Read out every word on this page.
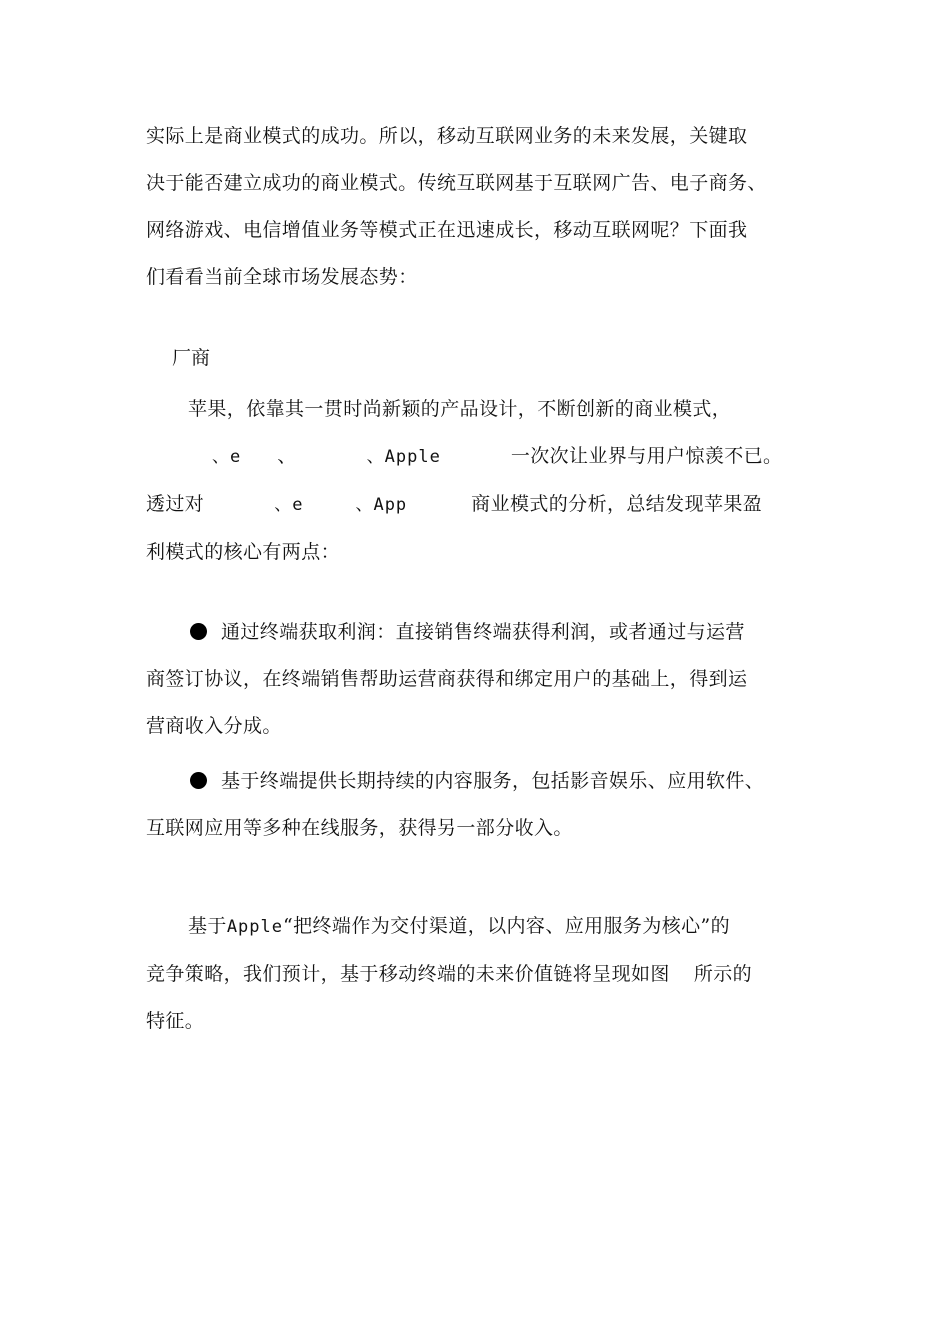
实际上是商业模式的成功。所以，移动互联网业务的未来发展，关键取
决于能否建立成功的商业模式。传统互联网基于互联网广告、电子商务、
网络游戏、电信增值业务等模式正在迅速成长，移动互联网呢？下面我
们看看当前全球市场发展态势：
厂商
苹果，依靠其一贯时尚新颖的产品设计，不断创新的商业模式，
、e 、	、Apple	一次次让业界与用户惊羡不已。
透过对	、e	、App	商业模式的分析，总结发现苹果盈
利模式的核心有两点：
通过终端获取利润：直接销售终端获得利润，或者通过与运营
商签订协议，在终端销售帮助运营商获得和绑定用户的基础上，得到运
营商收入分成。
基于终端提供长期持续的内容服务，包括影音娱乐、应用软件、
互联网应用等多种在线服务，获得另一部分收入。
基于Apple“把终端作为交付渠道，以内容、应用服务为核心”的
竞争策略，我们预计，基于移动终端的未来价值链将呈现如图 所示的
特征。
